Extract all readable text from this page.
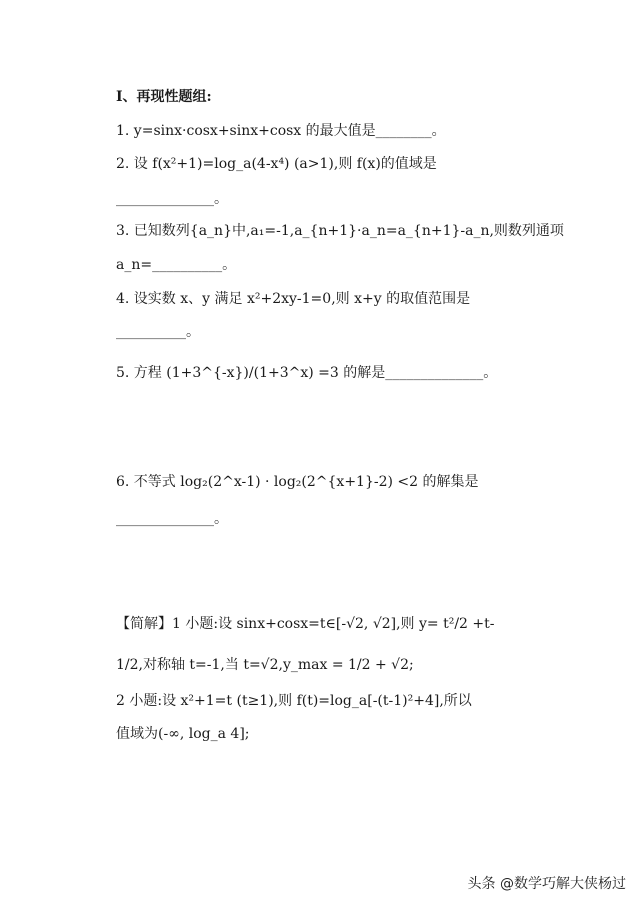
Ⅰ、再现性题组:
1. y=sinx·cosx+sinx+cosx 的最大值是________。
2. 设 f(x²+1)=log_a(4-x⁴) (a>1),则 f(x)的值域是
______________。
3. 已知数列{a_n}中,a₁=-1,a_{n+1}·a_n=a_{n+1}-a_n,则数列通项
a_n=__________。
4. 设实数 x、y 满足 x²+2xy-1=0,则 x+y 的取值范围是
__________。
5. 方程 (1+3^{-x})/(1+3^x) =3 的解是______________。
6. 不等式 log₂(2^x-1) · log₂(2^{x+1}-2) <2 的解集是
______________。
【简解】1 小题:设 sinx+cosx=t∈[-√2, √2],则 y= t²/2 +t-
1/2,对称轴 t=-1,当 t=√2,y_max = 1/2 + √2;
2 小题:设 x²+1=t (t≥1),则 f(t)=log_a[-(t-1)²+4],所以
值域为(-∞, log_a 4];
头条 @数学巧解大侠杨过
